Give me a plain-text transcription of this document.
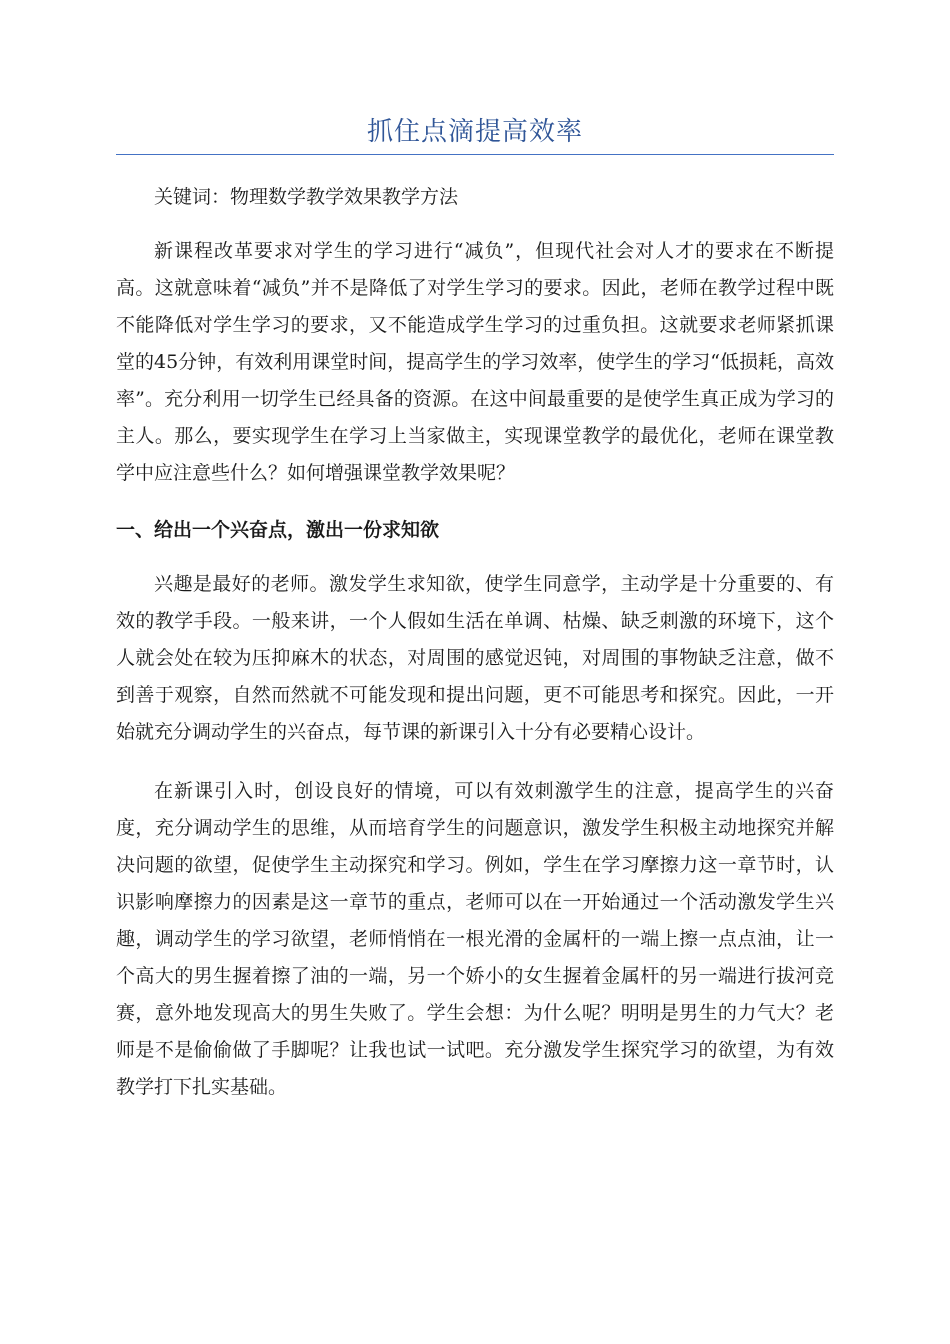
抓住点滴提高效率

关键词：物理数学教学效果教学方法

新课程改革要求对学生的学习进行“减负”，但现代社会对人才的要求在不断提高。这就意味着“减负”并不是降低了对学生学习的要求。因此，老师在教学过程中既不能降低对学生学习的要求，又不能造成学生学习的过重负担。这就要求老师紧抓课堂的45分钟，有效利用课堂时间，提高学生的学习效率，使学生的学习“低损耗，高效率”。充分利用一切学生已经具备的资源。在这中间最重要的是使学生真正成为学习的主人。那么，要实现学生在学习上当家做主，实现课堂教学的最优化，老师在课堂教学中应注意些什么？如何增强课堂教学效果呢？

一、给出一个兴奋点，激出一份求知欲

兴趣是最好的老师。激发学生求知欲，使学生同意学，主动学是十分重要的、有效的教学手段。一般来讲，一个人假如生活在单调、枯燥、缺乏刺激的环境下，这个人就会处在较为压抑麻木的状态，对周围的感觉迟钝，对周围的事物缺乏注意，做不到善于观察，自然而然就不可能发现和提出问题，更不可能思考和探究。因此，一开始就充分调动学生的兴奋点，每节课的新课引入十分有必要精心设计。

在新课引入时，创设良好的情境，可以有效刺激学生的注意，提高学生的兴奋度，充分调动学生的思维，从而培育学生的问题意识，激发学生积极主动地探究并解决问题的欲望，促使学生主动探究和学习。例如，学生在学习摩擦力这一章节时，认识影响摩擦力的因素是这一章节的重点，老师可以在一开始通过一个活动激发学生兴趣，调动学生的学习欲望，老师悄悄在一根光滑的金属杆的一端上擦一点点油，让一个高大的男生握着擦了油的一端，另一个娇小的女生握着金属杆的另一端进行拔河竞赛，意外地发现高大的男生失败了。学生会想：为什么呢？明明是男生的力气大？老师是不是偷偷做了手脚呢？让我也试一试吧。充分激发学生探究学习的欲望，为有效教学打下扎实基础。
